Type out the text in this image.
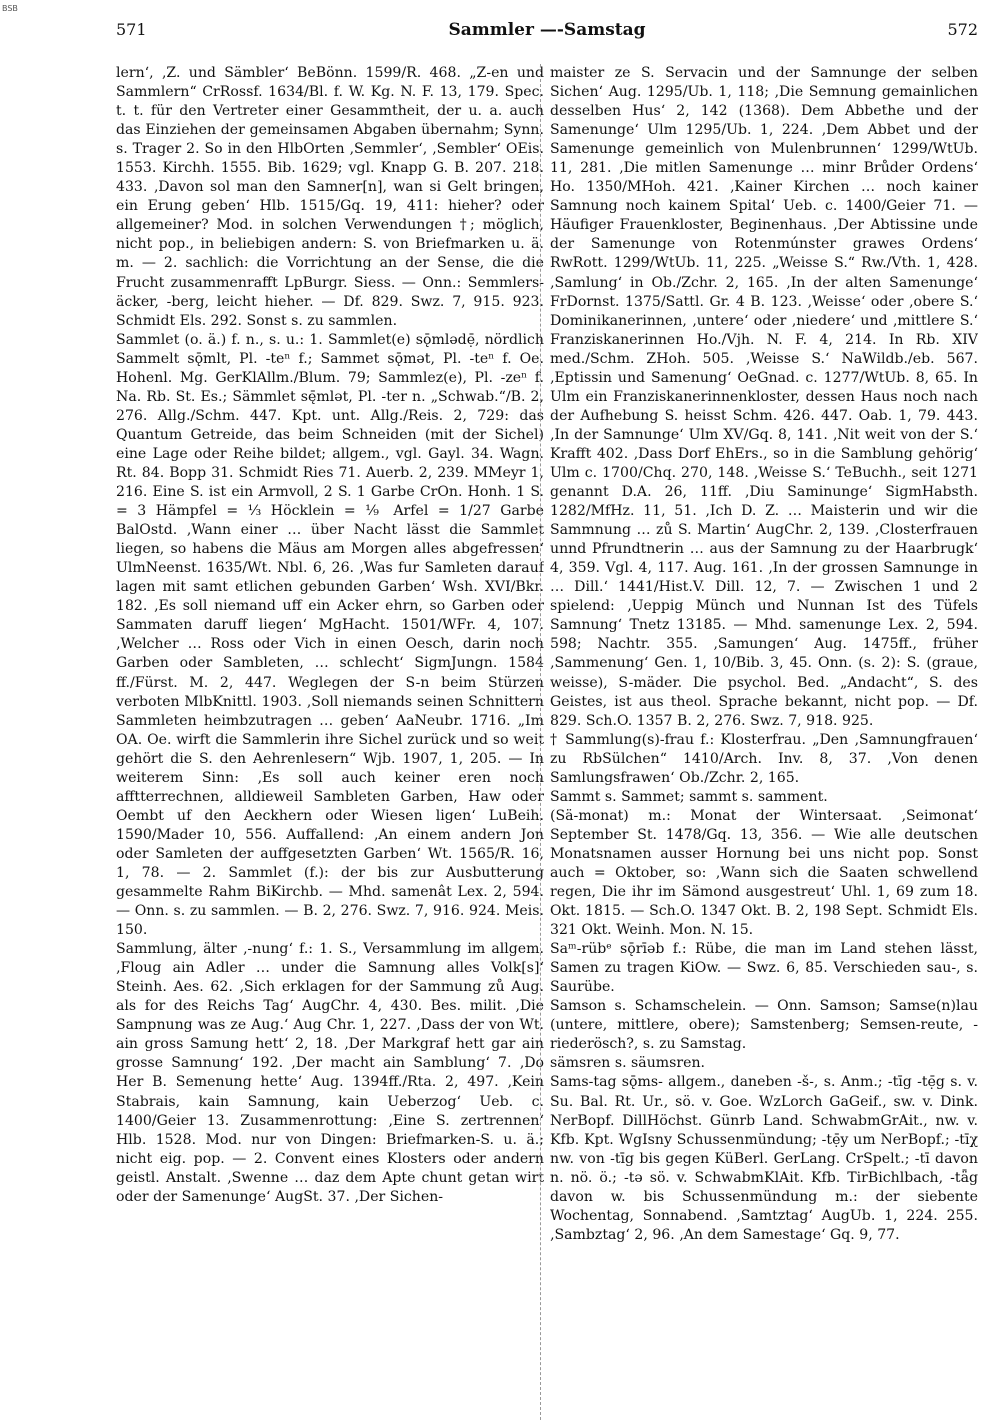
BSB
571	Sammler —-Samstag	572

lern‘, ‚Z. und Sämbler‘ BeBönn. 1599/R. 468. „Z-en und Sammlern“ CrRossf. 1634/Bl. f. W. Kg. N. F. 13, 179. Spec. t. t. für den Vertreter einer Gesammtheit, der u. a. auch das Einziehen der gemeinsamen Abgaben übernahm; Synn. s. Trager 2. So in den HlbOrten ‚Semmler‘, ‚Sembler‘ OEis. 1553. Kirchh. 1555. Bib. 1629; vgl. Knapp G. B. 207. 218. 433. ‚Davon sol man den Samner[n], wan si Gelt bringen, ein Erung geben‘ Hlb. 1515/Gq. 19, 411: hieher? oder allgemeiner? Mod. in solchen Verwendungen †; möglich, nicht pop., in beliebigen andern: S. von Briefmarken u. ä. m. — 2. sachlich: die Vorrichtung an der Sense, die die Frucht zusammenrafft LpBurgr. Siess. — Onn.: Semmlers-äcker, -berg, leicht hieher. — Df. 829. Swz. 7, 915. 923. Schmidt Els. 292. Sonst s. zu sammlen.

Sammlet (o. ä.) f. n., s. u.: 1. Sammlet(e) sǭmlədẹ̄, nördlich Sammelt sǭmlt, Pl. -teⁿ f.; Sammet sǭmət, Pl. -teⁿ f. Oe. Hohenl. Mg. GerKlAllm./Blum. 79; Sammlez(e), Pl. -zeⁿ f. Na. Rb. St. Es.; Sämmlet sę̄mlət, Pl. -ter n. „Schwab.“/B. 2, 276. Allg./Schm. 447. Kpt. unt. Allg./Reis. 2, 729: das Quantum Getreide, das beim Schneiden (mit der Sichel) eine Lage oder Reihe bildet; allgem., vgl. Gayl. 34. Wagn. Rt. 84. Bopp 31. Schmidt Ries 71. Auerb. 2, 239. MMeyr 1, 216. Eine S. ist ein Armvoll, 2 S. 1 Garbe CrOn. Honh. 1 S. = 3 Hämpfel = ⅓ Höcklein = ⅑ Arfel = 1/27 Garbe BalOstd. ‚Wann einer … über Nacht lässt die Sammlet liegen, so habens die Mäus am Morgen alles abgefressen‘ UlmNeenst. 1635/Wt. Nbl. 6, 26. ‚Was fur Samleten darauf lagen mit samt etlichen gebunden Garben‘ Wsh. XVI/Bkr. 182. ‚Es soll niemand uff ein Acker ehrn, so Garben oder Sammaten daruff liegen‘ MgHacht. 1501/WFr. 4, 107. ‚Welcher … Ross oder Vich in einen Oesch, darin noch Garben oder Sambleten, … schlecht‘ SigmJungn. 1584 ff./Fürst. M. 2, 447. Weglegen der S-n beim Stürzen verboten MlbKnittl. 1903. ‚Soll niemands seinen Schnittern Sammleten heimbzutragen … geben‘ AaNeubr. 1716. „Im OA. Oe. wirft die Sammlerin ihre Sichel zurück und so weit gehört die S. den Aehrenlesern“ Wjb. 1907, 1, 205. — In weiterem Sinn: ‚Es soll auch keiner eren noch afftterrechnen, alldieweil Sambleten Garben, Haw oder Oembt uf den Aeckhern oder Wiesen ligen‘ LuBeih. 1590/Mader 10, 556. Auffallend: ‚An einem andern Jon oder Samleten der auffgesetzten Garben‘ Wt. 1565/R. 16, 1, 78. — 2. Sammlet (f.): der bis zur Ausbutterung gesammelte Rahm BiKirchb. — Mhd. samenât Lex. 2, 594. — Onn. s. zu sammlen. — B. 2, 276. Swz. 7, 916. 924. Meis. 150.

Sammlung, älter ‚-nung‘ f.: 1. S., Versammlung im allgem. ‚Floug ain Adler … under die Samnung alles Volk[s]‘ Steinh. Aes. 62. ‚Sich erklagen for der Sammung zů Aug. als for des Reichs Tag‘ AugChr. 4, 430. Bes. milit. ‚Die Sampnung was ze Aug.‘ Aug Chr. 1, 227. ‚Dass der von Wt. ain gross Samung hett‘ 2, 18. ‚Der Markgraf hett gar ain grosse Samnung‘ 192. ‚Der macht ain Samblung‘ 7. ‚Do Her B. Semenung hette‘ Aug. 1394ff./Rta. 2, 497. ‚Kein Stabrais, kain Samnung, kain Ueberzog‘ Ueb. c. 1400/Geier 13. Zusammenrottung: ‚Eine S. zertrennen‘ Hlb. 1528. Mod. nur von Dingen: Briefmarken-S. u. ä.; nicht eig. pop. — 2. Convent eines Klosters oder andern geistl. Anstalt. ‚Swenne … daz dem Apte chunt getan wirt oder der Samenunge‘ AugSt. 37. ‚Der Sichen-

maister ze S. Servacin und der Samnunge der selben Sichen‘ Aug. 1295/Ub. 1, 118; ‚Die Semnung gemainlichen desselben Hus‘ 2, 142 (1368). Dem Abbethe und der Samenunge‘ Ulm 1295/Ub. 1, 224. ‚Dem Abbet und der Samenunge gemeinlich von Mulenbrunnen‘ 1299/WtUb. 11, 281. ‚Die mitlen Samenunge … minr Brůder Ordens‘ Ho. 1350/MHoh. 421. ‚Kainer Kirchen … noch kainer Samnung noch kainem Spital‘ Ueb. c. 1400/Geier 71. — Häufiger Frauenkloster, Beginenhaus. ‚Der Abtissine unde der Samenunge von Rotenmúnster grawes Ordens‘ RwRott. 1299/WtUb. 11, 225. „Weisse S.“ Rw./Vth. 1, 428. ‚Samlung‘ in Ob./Zchr. 2, 165. ‚In der alten Samenunge‘ FrDornst. 1375/Sattl. Gr. 4 B. 123. ‚Weisse‘ oder ‚obere S.‘ Dominikanerinnen, ‚untere‘ oder ‚niedere‘ und ‚mittlere S.‘ Franziskanerinnen Ho./Vjh. N. F. 4, 214. In Rb. XIV med./Schm. ZHoh. 505. ‚Weisse S.‘ NaWildb./eb. 567. ‚Eptissin und Samenung‘ OeGnad. c. 1277/WtUb. 8, 65. In Ulm ein Franziskanerinnenkloster, dessen Haus noch nach der Aufhebung S. heisst Schm. 426. 447. Oab. 1, 79. 443. ‚In der Samnunge‘ Ulm XV/Gq. 8, 141. ‚Nit weit von der S.‘ Krafft 402. ‚Dass Dorf EhErs., so in die Samblung gehörig‘ Ulm c. 1700/Chq. 270, 148. ‚Weisse S.‘ TeBuchh., seit 1271 genannt D.A. 26, 11ff. ‚Diu Saminunge‘ SigmHabsth. 1282/MfHz. 11, 51. ‚Ich D. Z. … Maisterin und wir die Sammnung … zů S. Martin‘ AugChr. 2, 139. ‚Closterfrauen unnd Pfrundtnerin … aus der Samnung zu der Haarbrugk‘ 4, 359. Vgl. 4, 117. Aug. 161. ‚In der grossen Samnunge in … Dill.‘ 1441/Hist.V. Dill. 12, 7. — Zwischen 1 und 2 spielend: ‚Ueppig Münch und Nunnan Ist des Tüfels Samnung‘ Tnetz 13185. — Mhd. samenunge Lex. 2, 594. 598; Nachtr. 355. ‚Samungen‘ Aug. 1475ff., früher ‚Sammenung‘ Gen. 1, 10/Bib. 3, 45. Onn. (s. 2): S. (graue, weisse), S-mäder. Die psychol. Bed. „Andacht“, S. des Geistes, ist aus theol. Sprache bekannt, nicht pop. — Df. 829. Sch.O. 1357 B. 2, 276. Swz. 7, 918. 925.

† Sammlung(s)-frau f.: Klosterfrau. „Den ‚Samnungfrauen‘ zu RbSülchen“ 1410/Arch. Inv. 8, 37. ‚Von denen Samlungsfrawen‘ Ob./Zchr. 2, 165.

Sammt s. Sammet; sammt s. samment.

(Sä-monat) m.: Monat der Wintersaat. ‚Seimonat‘ September St. 1478/Gq. 13, 356. — Wie alle deutschen Monatsnamen ausser Hornung bei uns nicht pop. Sonst auch = Oktober, so: ‚Wann sich die Saaten schwellend regen, Die ihr im Sämond ausgestreut‘ Uhl. 1, 69 zum 18. Okt. 1815. — Sch.O. 1347 Okt. B. 2, 198 Sept. Schmidt Els. 321 Okt. Weinh. Mon. N. 15.

Saᵐ-rübᵉ sǭrīəb f.: Rübe, die man im Land stehen lässt, Samen zu tragen KiOw. — Swz. 6, 85. Verschieden sau-, s. Saurübe.

Samson s. Schamschelein. — Onn. Samson; Samse(n)lau (untere, mittlere, obere); Samstenberg; Semsen-reute, -riederösch?, s. zu Samstag.

sämsren s. säumsren.

Sams-tag sǭms- allgem., daneben -š-, s. Anm.; -tīg -tẹ̄g s. v. Su. Bal. Rt. Ur., sö. v. Goe. WzLorch GaGeif., sw. v. Dink. NerBopf. DillHöchst. Günrb Land. SchwabmGrAit., nw. v. Kfb. Kpt. WgIsny Schussenmündung; -tẹ̄y um NerBopf.; -tīχ nw. von -tīg bis gegen KüBerl. GerLang. CrSpelt.; -tī davon n. nö. ö.; -tə sö. v. SchwabmKlAit. Kfb. TirBichlbach, -tǟg davon w. bis Schussenmündung m.: der siebente Wochentag, Sonnabend. ‚Samtztag‘ AugUb. 1, 224. 255. ‚Sambztag‘ 2, 96. ‚An dem Samestage‘ Gq. 9, 77.
